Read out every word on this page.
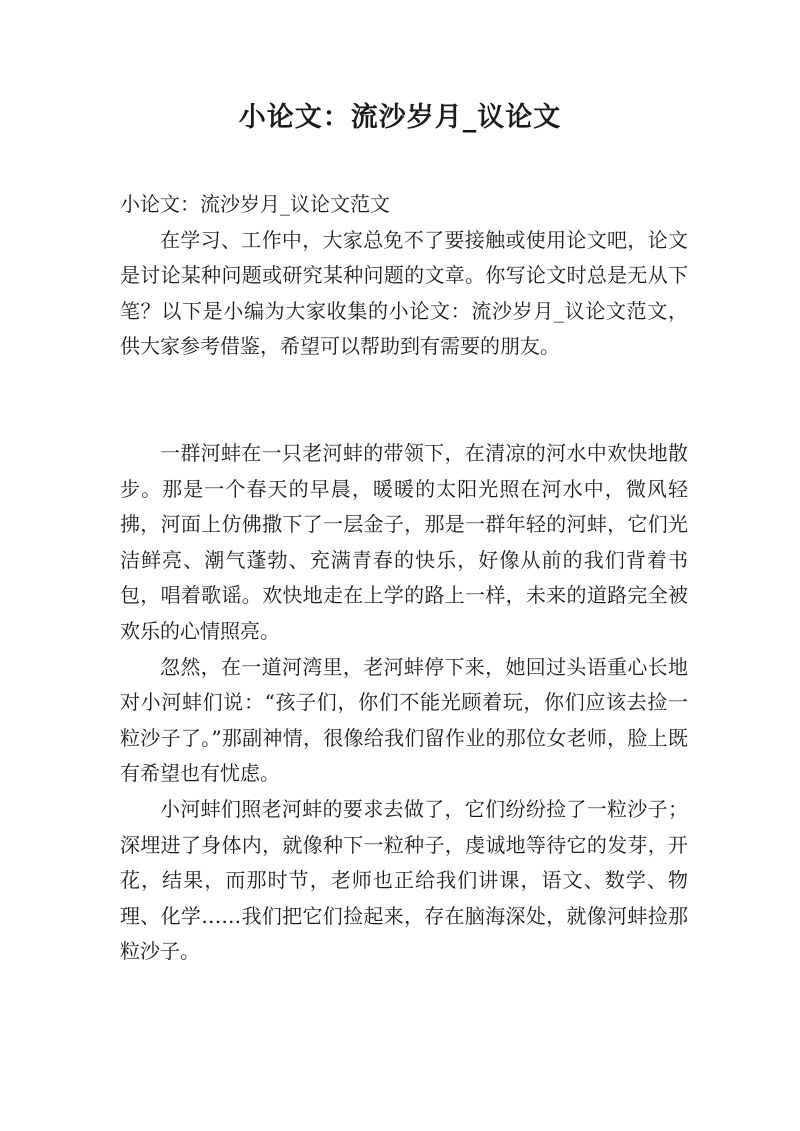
小论文：流沙岁月_议论文

小论文：流沙岁月_议论文范文

在学习、工作中，大家总免不了要接触或使用论文吧，论文是讨论某种问题或研究某种问题的文章。你写论文时总是无从下笔？以下是小编为大家收集的小论文：流沙岁月_议论文范文，供大家参考借鉴，希望可以帮助到有需要的朋友。

一群河蚌在一只老河蚌的带领下，在清凉的河水中欢快地散步。那是一个春天的早晨，暖暖的太阳光照在河水中，微风轻拂，河面上仿佛撒下了一层金子，那是一群年轻的河蚌，它们光洁鲜亮、潮气蓬勃、充满青春的快乐，好像从前的我们背着书包，唱着歌谣。欢快地走在上学的路上一样，未来的道路完全被欢乐的心情照亮。

忽然，在一道河湾里，老河蚌停下来，她回过头语重心长地对小河蚌们说：“孩子们，你们不能光顾着玩，你们应该去捡一粒沙子了。”那副神情，很像给我们留作业的那位女老师，脸上既有希望也有忧虑。

小河蚌们照老河蚌的要求去做了，它们纷纷捡了一粒沙子；深埋进了身体内，就像种下一粒种子，虔诚地等待它的发芽，开花，结果，而那时节，老师也正给我们讲课，语文、数学、物理、化学……我们把它们捡起来，存在脑海深处，就像河蚌捡那粒沙子。
